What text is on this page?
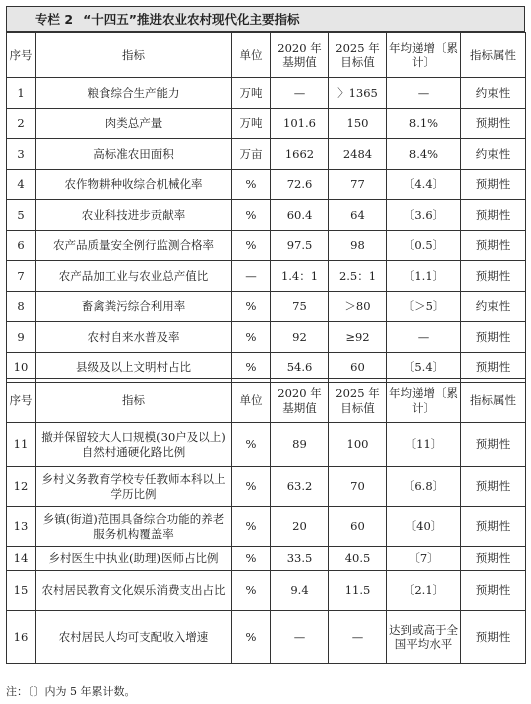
专栏 2 “十四五”推进农业农村现代化主要指标
序号	指标	单位	2020 年基期值	2025 年目标值	年均递增〔累计〕	指标属性
1	粮食综合生产能力	万吨	—	〉1365	—	约束性
2	肉类总产量	万吨	101.6	150	8.1%	预期性
3	高标准农田面积	万亩	1662	2484	8.4%	约束性
4	农作物耕种收综合机械化率	%	72.6	77	〔4.4〕	预期性
5	农业科技进步贡献率	%	60.4	64	〔3.6〕	预期性
6	农产品质量安全例行监测合格率	%	97.5	98	〔0.5〕	预期性
7	农产品加工业与农业总产值比	—	1.4：1	2.5：1	〔1.1〕	预期性
8	畜禽粪污综合利用率	%	75	＞80	〔＞5〕	约束性
9	农村自来水普及率	%	92	≥92	—	预期性
10	县级及以上文明村占比	%	54.6	60	〔5.4〕	预期性
序号	指标	单位	2020 年基期值	2025 年目标值	年均递增〔累计〕	指标属性
11	撤并保留较大人口规模(30户及以上)自然村通硬化路比例	%	89	100	〔11〕	预期性
12	乡村义务教育学校专任教师本科以上学历比例	%	63.2	70	〔6.8〕	预期性
13	乡镇(街道)范围具备综合功能的养老服务机构覆盖率	%	20	60	〔40〕	预期性
14	乡村医生中执业(助理)医师占比例	%	33.5	40.5	〔7〕	预期性
15	农村居民教育文化娱乐消费支出占比	%	9.4	11.5	〔2.1〕	预期性
16	农村居民人均可支配收入增速	%	—	—	达到或高于全国平均水平	预期性
注：〔〕内为 5 年累计数。
